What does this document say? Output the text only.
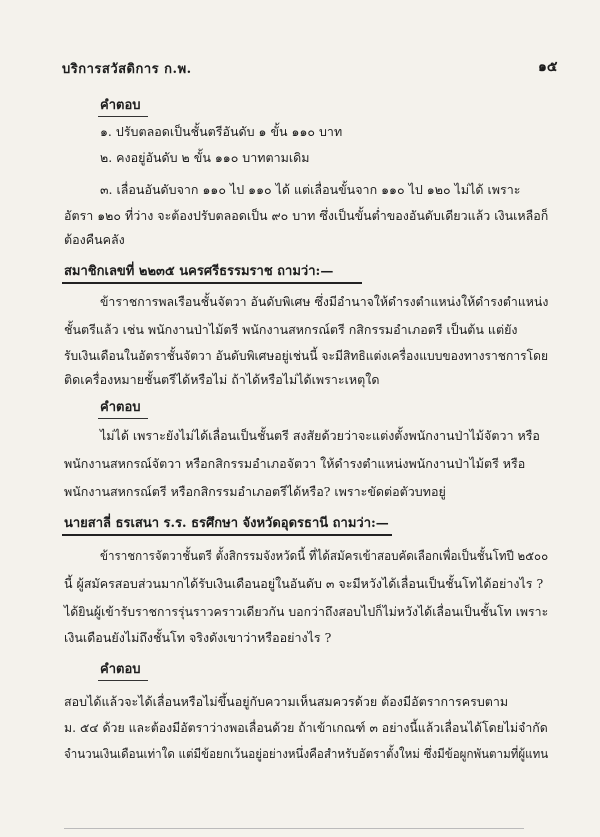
บริการสวัสดิการ ก.พ.	๑๕
คำตอบ
๑. ปรับตลอดเป็นชั้นตรีอันดับ ๑ ขั้น ๑๑๐ บาท
๒. คงอยู่อันดับ ๒ ขั้น ๑๑๐ บาทตามเดิม
๓. เลื่อนอันดับจาก ๑๑๐ ไป ๑๑๐ ได้ แต่เลื่อนขั้นจาก ๑๑๐ ไป ๑๒๐ ไม่ได้ เพราะ
อัตรา ๑๒๐ ที่ว่าง จะต้องปรับตลอดเป็น ๙๐ บาท ซึ่งเป็นขั้นต่ำของอันดับเดียวแล้ว เงินเหลือก็
ต้องคืนคลัง
สมาชิกเลขที่ ๒๒๓๕ นครศรีธรรมราช ถามว่า:—
ข้าราชการพลเรือนชั้นจัตวา อันดับพิเศษ ซึ่งมีอำนาจให้ดำรงตำแหน่งให้ดำรงตำแหน่ง
ชั้นตรีแล้ว เช่น พนักงานป่าไม้ตรี พนักงานสหกรณ์ตรี กสิกรรมอำเภอตรี เป็นต้น แต่ยัง
รับเงินเดือนในอัตราชั้นจัตวา อันดับพิเศษอยู่เช่นนี้ จะมีสิทธิแต่งเครื่องแบบของทางราชการโดย
ติดเครื่องหมายชั้นตรีได้หรือไม่ ถ้าได้หรือไม่ได้เพราะเหตุใด
คำตอบ
ไม่ได้ เพราะยังไม่ได้เลื่อนเป็นชั้นตรี สงสัยด้วยว่าจะแต่งตั้งพนักงานป่าไม้จัตวา หรือ
พนักงานสหกรณ์จัตวา หรือกสิกรรมอำเภอจัตวา ให้ดำรงตำแหน่งพนักงานป่าไม้ตรี หรือ
พนักงานสหกรณ์ตรี หรือกสิกรรมอำเภอตรีได้หรือ? เพราะขัดต่อตัวบทอยู่
นายสาลี่ ธรเสนา ร.ร. ธรศึกษา จังหวัดอุดรธานี ถามว่า:—
ข้าราชการจัตวาชั้นตรี ตั้งสิกรรมจังหวัดนี้ ที่ได้สมัครเข้าสอบคัดเลือกเพื่อเป็นชั้นโทปี ๒๕๐๐
นี้ ผู้สมัครสอบส่วนมากได้รับเงินเดือนอยู่ในอันดับ ๓ จะมีหวังได้เลื่อนเป็นชั้นโทได้อย่างไร ?
ได้ยินผู้เข้ารับราชการรุ่นราวคราวเดียวกัน บอกว่าถึงสอบไปก็ไม่หวังได้เลื่อนเป็นชั้นโท เพราะ
เงินเดือนยังไม่ถึงชั้นโท จริงดังเขาว่าหรืออย่างไร ?
คำตอบ
สอบได้แล้วจะได้เลื่อนหรือไม่ขึ้นอยู่กับความเห็นสมควรด้วย ต้องมีอัตราการครบตาม
ม. ๕๔ ด้วย และต้องมีอัตราว่างพอเลื่อนด้วย ถ้าเข้าเกณฑ์ ๓ อย่างนี้แล้วเลื่อนได้โดยไม่จำกัด
จำนวนเงินเดือนเท่าใด แต่มีข้อยกเว้นอยู่อย่างหนึ่งคือสำหรับอัตราตั้งใหม่ ซึ่งมีข้อผูกพันตามที่ผู้แทน
